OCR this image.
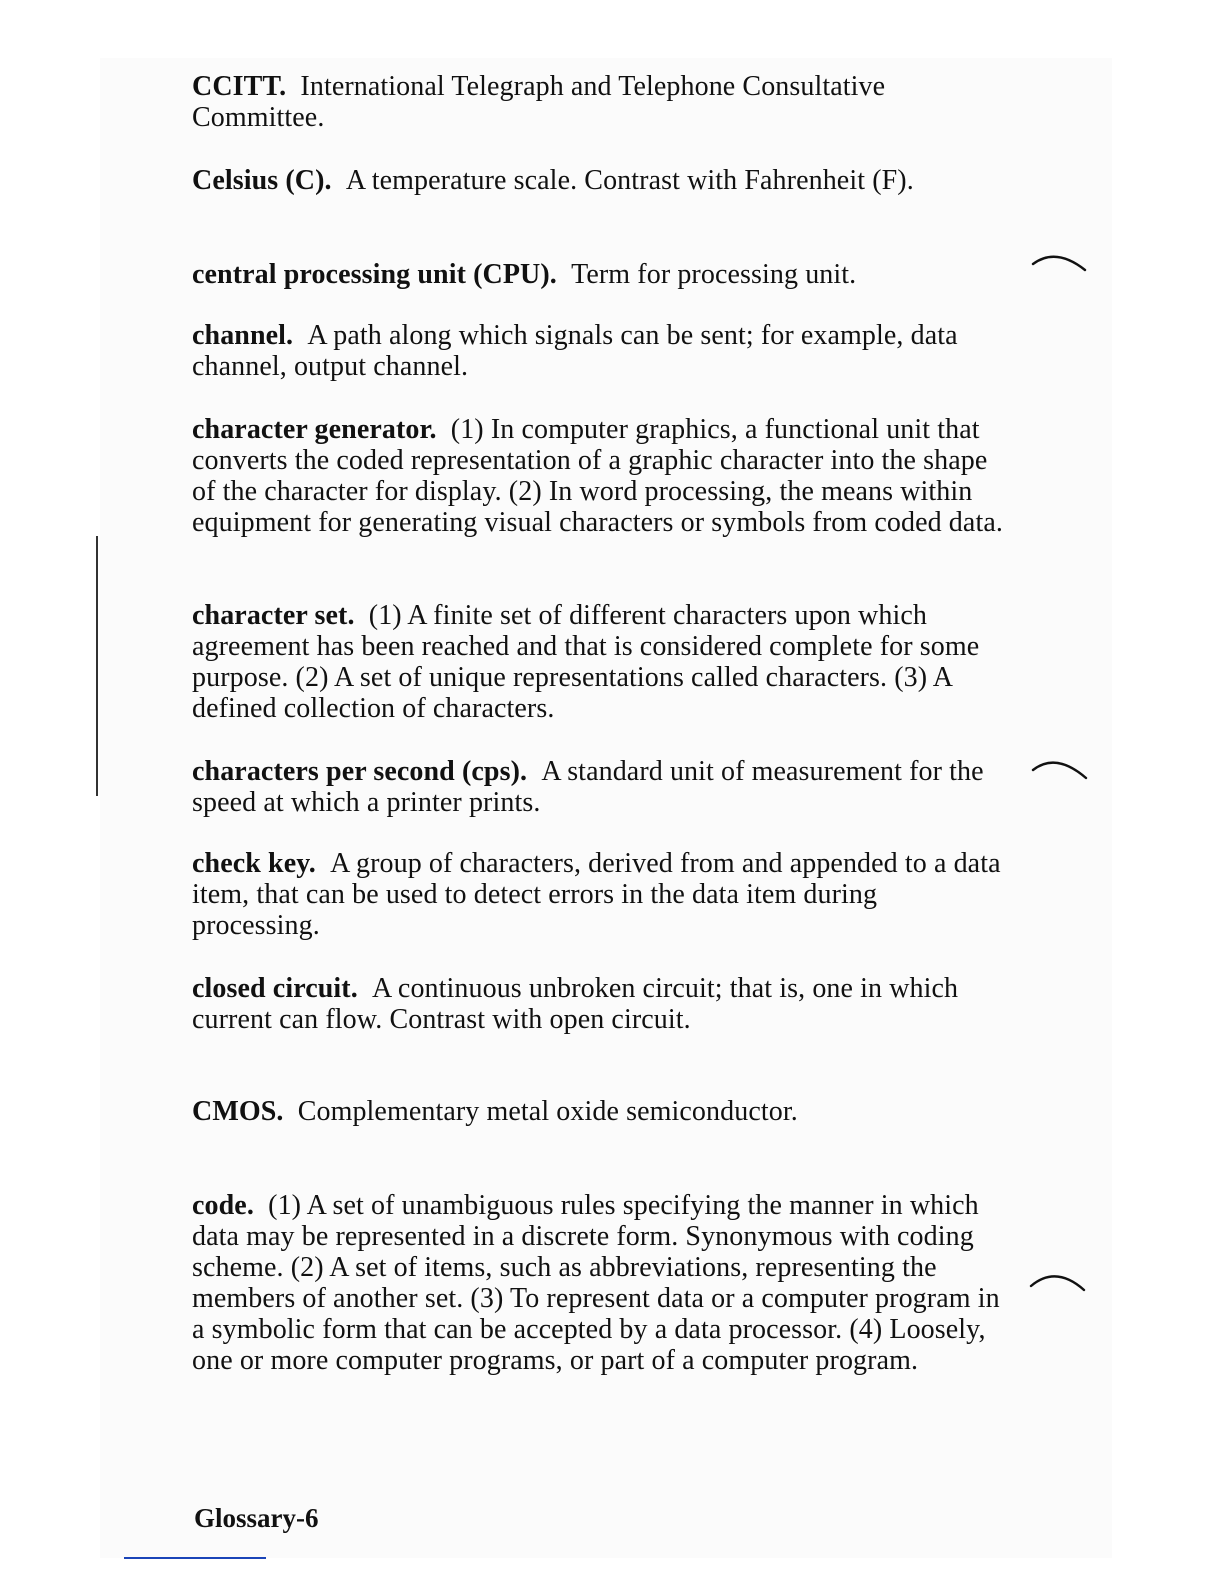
CCITT. International Telegraph and Telephone Consultative Committee.
Celsius (C). A temperature scale. Contrast with Fahrenheit (F).
central processing unit (CPU). Term for processing unit.
channel. A path along which signals can be sent; for example, data channel, output channel.
character generator. (1) In computer graphics, a functional unit that converts the coded representation of a graphic character into the shape of the character for display. (2) In word processing, the means within equipment for generating visual characters or symbols from coded data.
character set. (1) A finite set of different characters upon which agreement has been reached and that is considered complete for some purpose. (2) A set of unique representations called characters. (3) A defined collection of characters.
characters per second (cps). A standard unit of measurement for the speed at which a printer prints.
check key. A group of characters, derived from and appended to a data item, that can be used to detect errors in the data item during processing.
closed circuit. A continuous unbroken circuit; that is, one in which current can flow. Contrast with open circuit.
CMOS. Complementary metal oxide semiconductor.
code. (1) A set of unambiguous rules specifying the manner in which data may be represented in a discrete form. Synonymous with coding scheme. (2) A set of items, such as abbreviations, representing the members of another set. (3) To represent data or a computer program in a symbolic form that can be accepted by a data processor. (4) Loosely, one or more computer programs, or part of a computer program.
Glossary-6
